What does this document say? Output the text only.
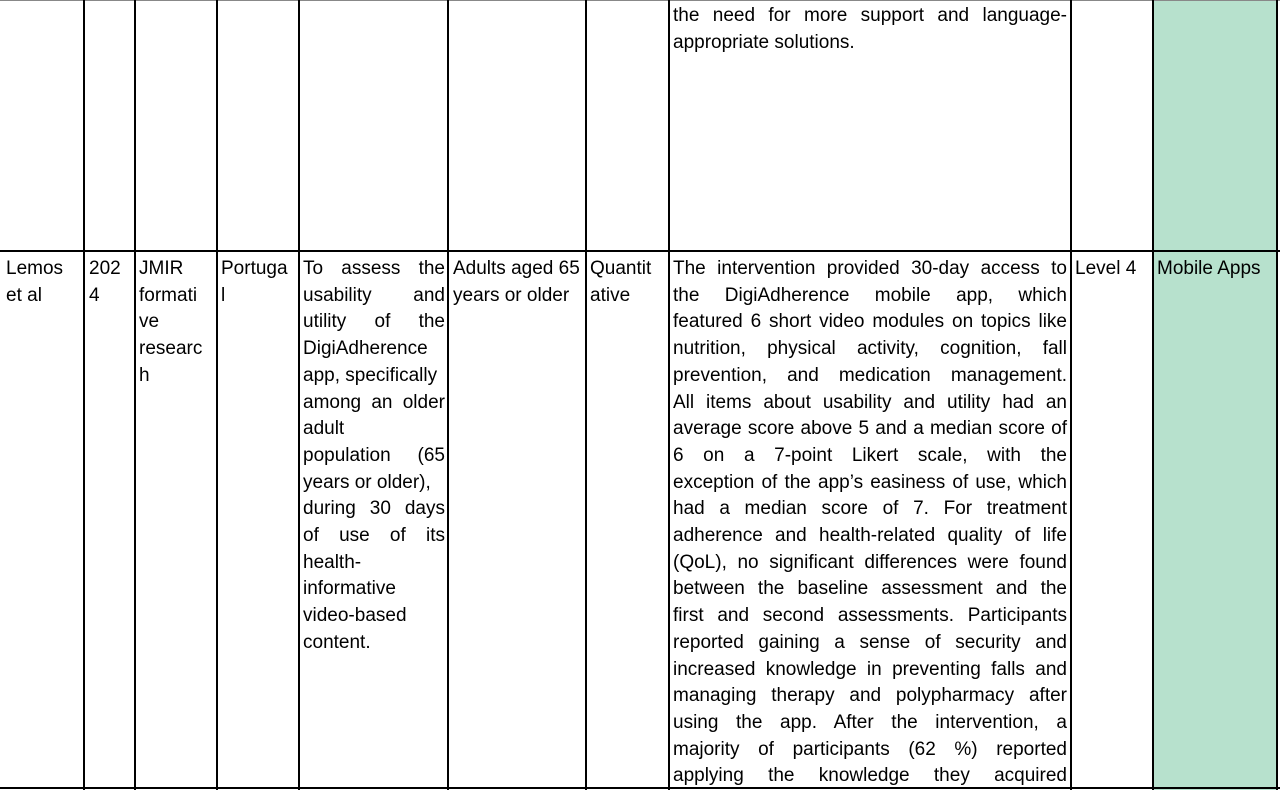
the need for more support and language-
appropriate solutions.
Lemos
et al
202
4
JMIR
formati
ve
researc
h
Portuga
l
To assess the
usability and
utility of the
DigiAdherence
app, specifically
among an older
adult
population (65
years or older),
during 30 days
of use of its
health-
informative
video-based
content.
Adults aged 65
years or older
Quantit
ative
The intervention provided 30-day access to
the DigiAdherence mobile app, which
featured 6 short video modules on topics like
nutrition, physical activity, cognition, fall
prevention, and medication management.
All items about usability and utility had an
average score above 5 and a median score of
6 on a 7-point Likert scale, with the
exception of the app’s easiness of use, which
had a median score of 7. For treatment
adherence and health-related quality of life
(QoL), no significant differences were found
between the baseline assessment and the
first and second assessments. Participants
reported gaining a sense of security and
increased knowledge in preventing falls and
managing therapy and polypharmacy after
using the app. After the intervention, a
majority of participants (62 %) reported
applying the knowledge they acquired
Level 4	Mobile Apps
